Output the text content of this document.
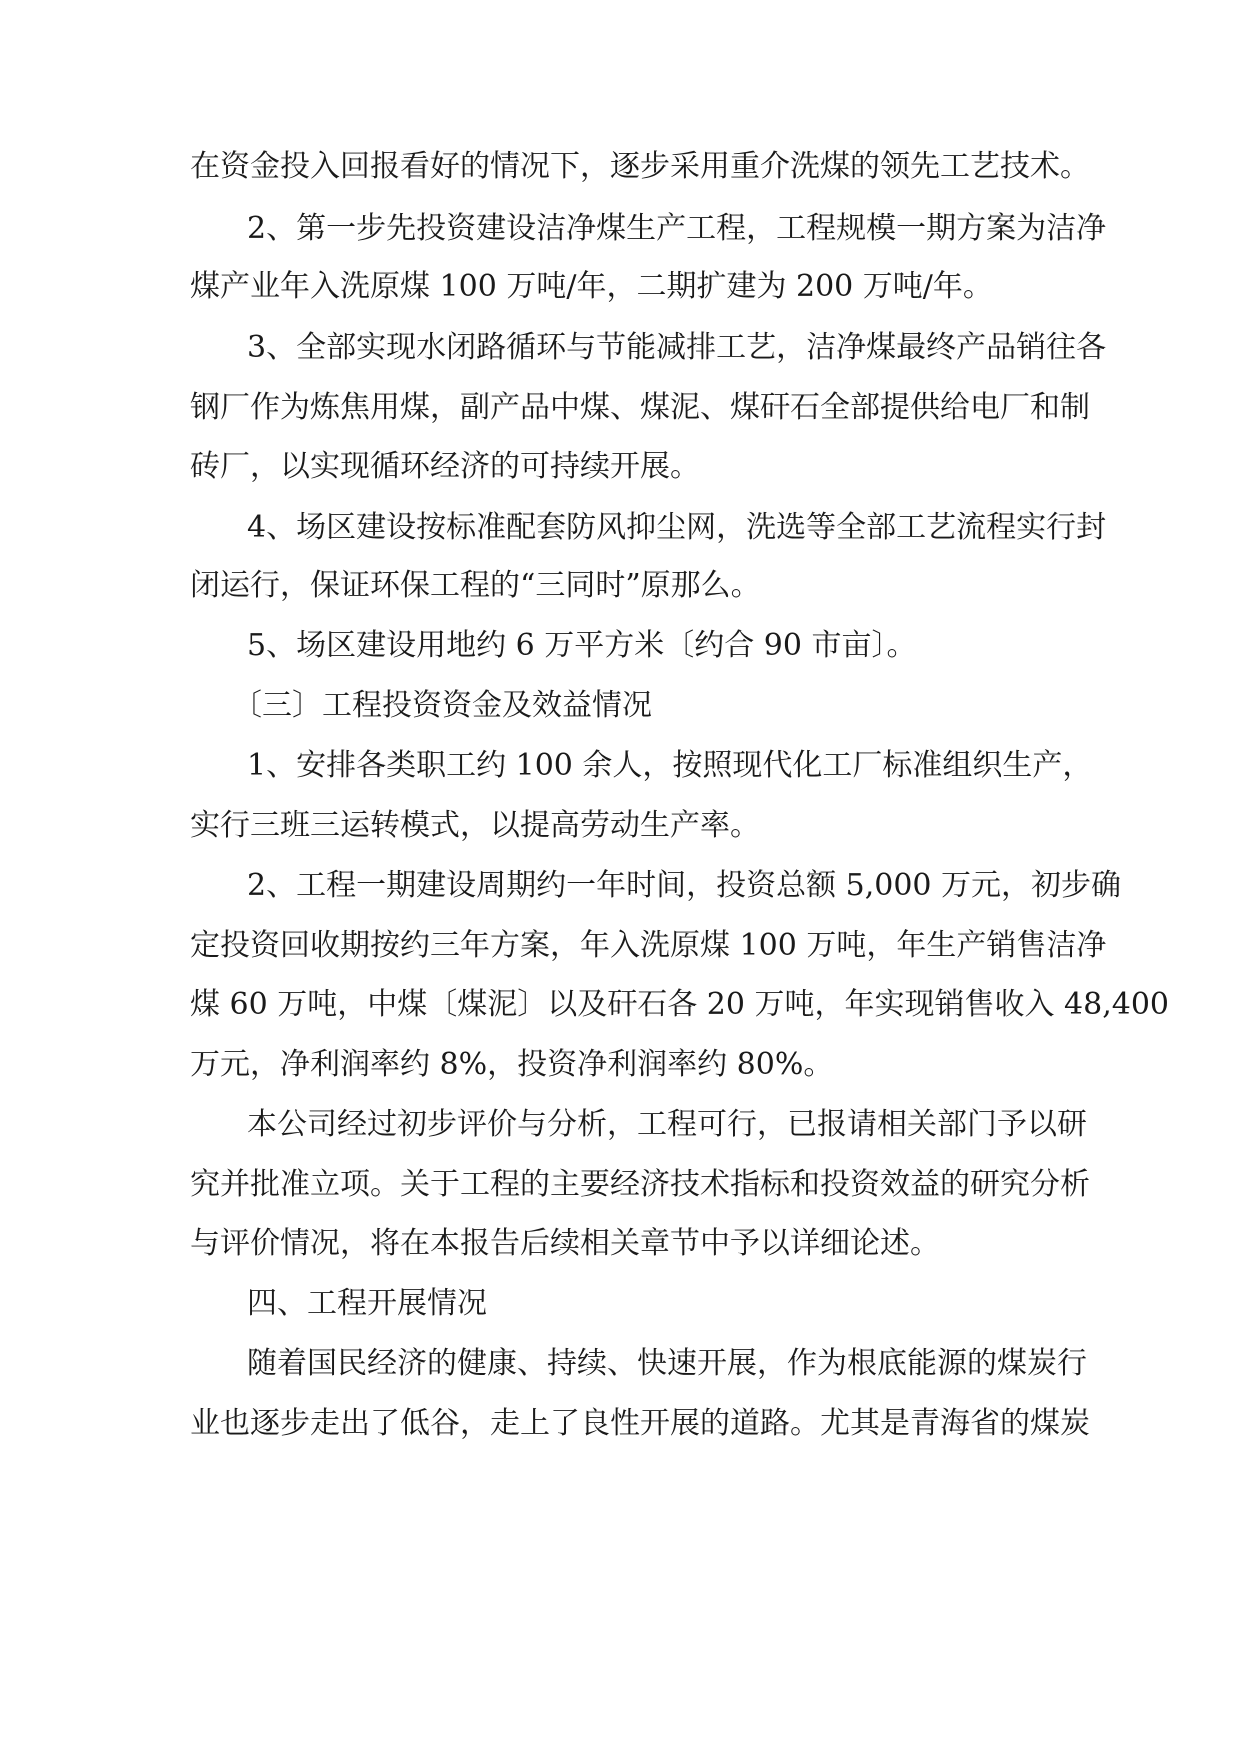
在资金投入回报看好的情况下，逐步采用重介洗煤的领先工艺技术。
2、第一步先投资建设洁净煤生产工程，工程规模一期方案为洁净
煤产业年入洗原煤 100 万吨/年，二期扩建为 200 万吨/年。
3、全部实现水闭路循环与节能减排工艺，洁净煤最终产品销往各
钢厂作为炼焦用煤，副产品中煤、煤泥、煤矸石全部提供给电厂和制
砖厂，以实现循环经济的可持续开展。
4、场区建设按标准配套防风抑尘网，洗选等全部工艺流程实行封
闭运行，保证环保工程的“三同时”原那么。
5、场区建设用地约 6 万平方米〔约合 90 市亩〕。
〔三〕工程投资资金及效益情况
1、安排各类职工约 100 余人，按照现代化工厂标准组织生产，
实行三班三运转模式，以提高劳动生产率。
2、工程一期建设周期约一年时间，投资总额 5,000 万元，初步确
定投资回收期按约三年方案，年入洗原煤 100 万吨，年生产销售洁净
煤 60 万吨，中煤〔煤泥〕以及矸石各 20 万吨，年实现销售收入 48,400
万元，净利润率约 8%，投资净利润率约 80%。
本公司经过初步评价与分析，工程可行，已报请相关部门予以研
究并批准立项。关于工程的主要经济技术指标和投资效益的研究分析
与评价情况，将在本报告后续相关章节中予以详细论述。
四、工程开展情况
随着国民经济的健康、持续、快速开展，作为根底能源的煤炭行
业也逐步走出了低谷，走上了良性开展的道路。尤其是青海省的煤炭
